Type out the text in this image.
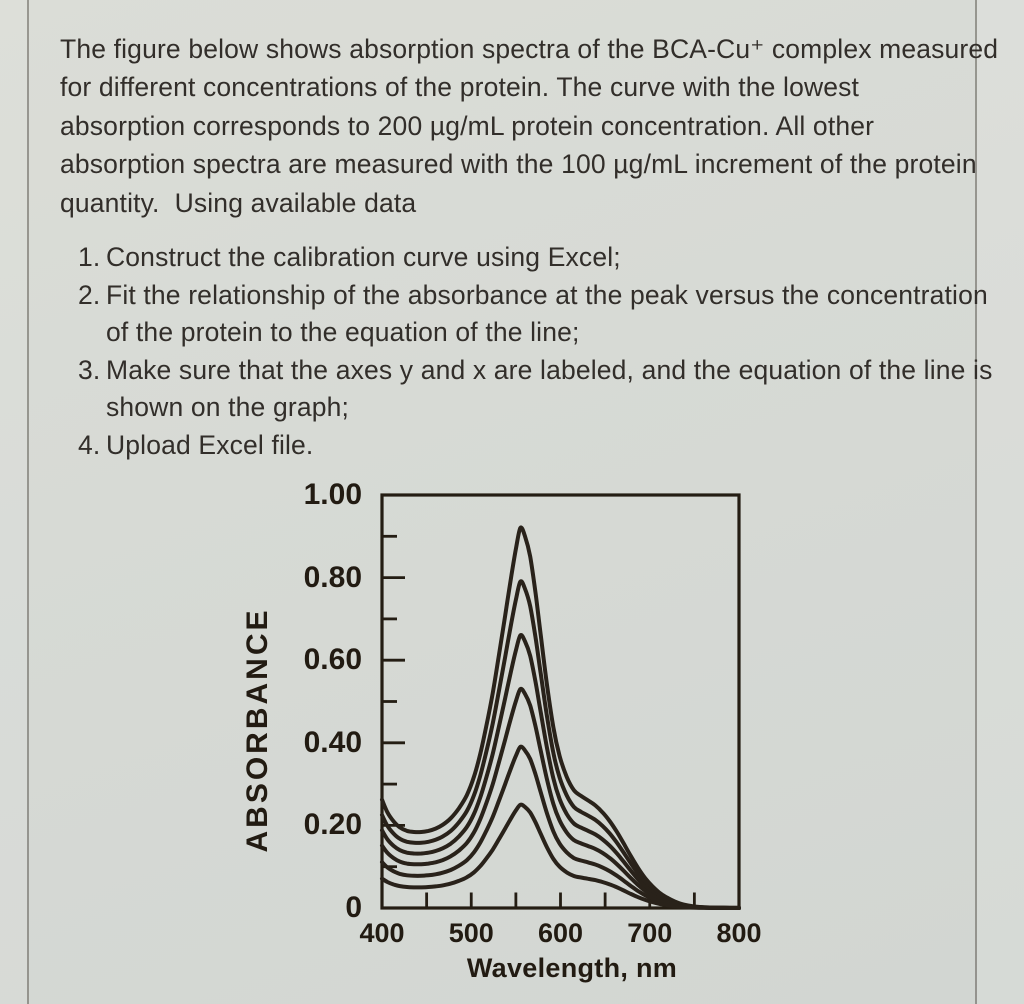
The figure below shows absorption spectra of the BCA-Cu⁺ complex measured
for different concentrations of the protein. The curve with the lowest
absorption corresponds to 200 µg/mL protein concentration. All other
absorption spectra are measured with the 100 µg/mL increment of the protein
quantity.  Using available data
1. Construct the calibration curve using Excel;
2. Fit the relationship of the absorbance at the peak versus the concentration
of the protein to the equation of the line;
3. Make sure that the axes y and x are labeled, and the equation of the line is
shown on the graph;
4. Upload Excel file.
ABSORBANCE
Wavelength, nm
0
0.20
0.40
0.60
0.80
1.00
400	500	600	700	800
